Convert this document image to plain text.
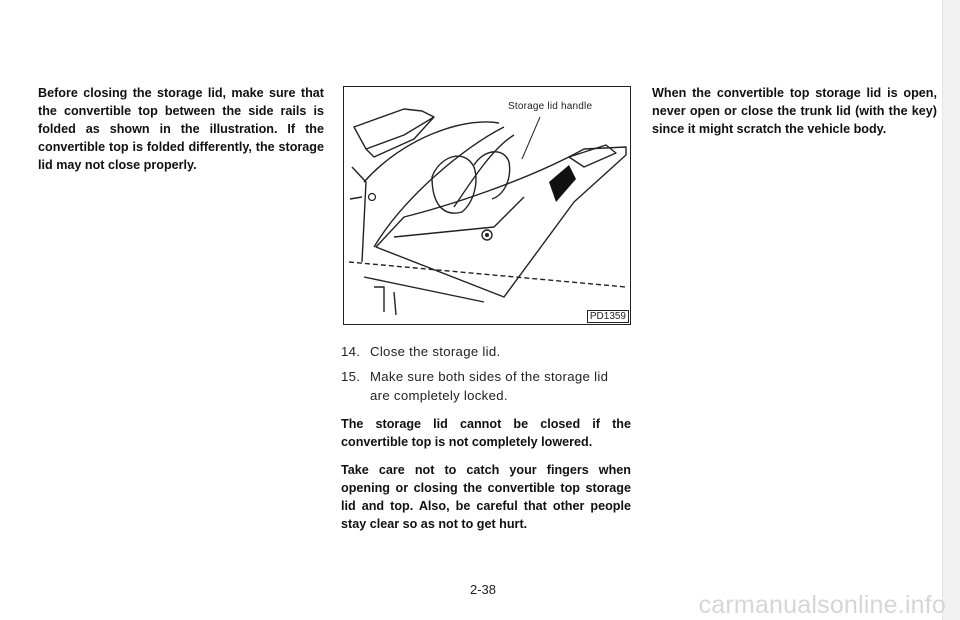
Before closing the storage lid, make sure that the convertible top between the side rails is folded as shown in the illustration. If the convertible top is folded differently, the storage lid may not close properly.

Storage lid handle
PD1359

14. Close the storage lid.

15. Make sure both sides of the storage lid are completely locked.

The storage lid cannot be closed if the convertible top is not completely lowered.

Take care not to catch your fingers when opening or closing the convertible top storage lid and top. Also, be careful that other people stay clear so as not to get hurt.

When the convertible top storage lid is open, never open or close the trunk lid (with the key) since it might scratch the vehicle body.

2-38
carmanualsonline.info
